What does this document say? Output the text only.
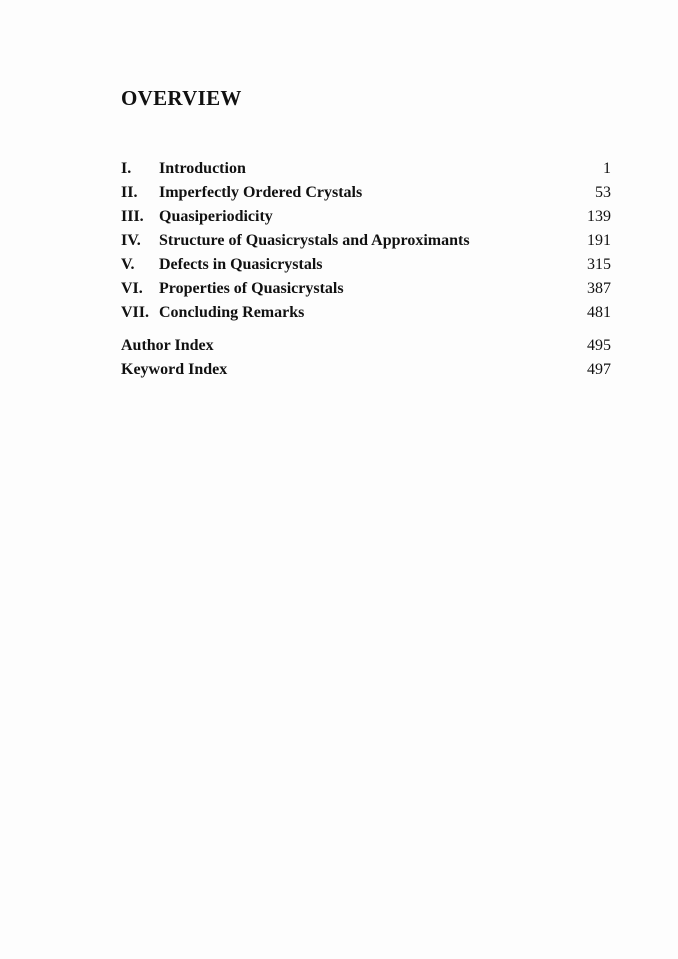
OVERVIEW
I. Introduction	1
II. Imperfectly Ordered Crystals	53
III. Quasiperiodicity	139
IV. Structure of Quasicrystals and Approximants	191
V. Defects in Quasicrystals	315
VI. Properties of Quasicrystals	387
VII. Concluding Remarks	481
Author Index	495
Keyword Index	497
